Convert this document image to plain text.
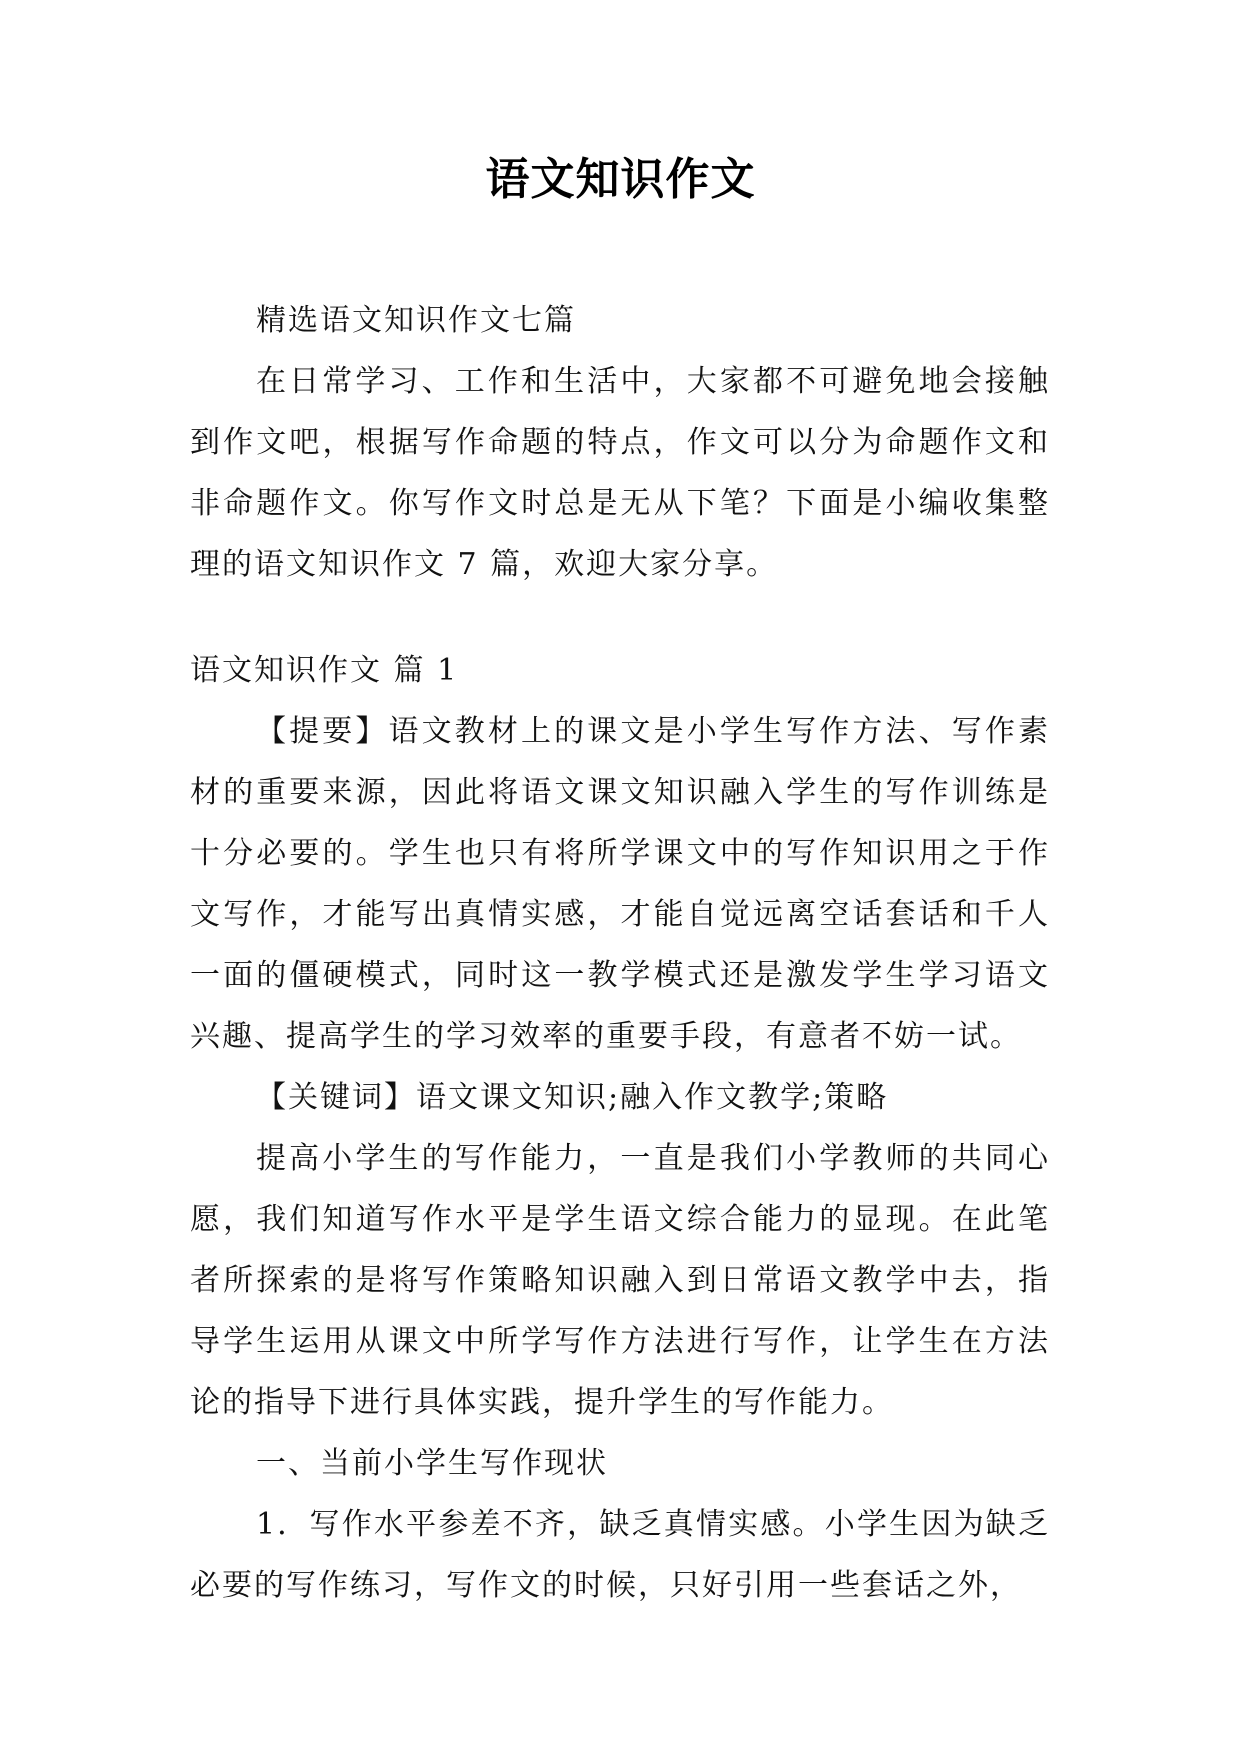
语文知识作文

精选语文知识作文七篇

在日常学习、工作和生活中，大家都不可避免地会接触到作文吧，根据写作命题的特点，作文可以分为命题作文和非命题作文。你写作文时总是无从下笔？下面是小编收集整理的语文知识作文 7 篇，欢迎大家分享。

语文知识作文 篇 1

【提要】语文教材上的课文是小学生写作方法、写作素材的重要来源，因此将语文课文知识融入学生的写作训练是十分必要的。学生也只有将所学课文中的写作知识用之于作文写作，才能写出真情实感，才能自觉远离空话套话和千人一面的僵硬模式，同时这一教学模式还是激发学生学习语文兴趣、提高学生的学习效率的重要手段，有意者不妨一试。

【关键词】语文课文知识;融入作文教学;策略

提高小学生的写作能力，一直是我们小学教师的共同心愿，我们知道写作水平是学生语文综合能力的显现。在此笔者所探索的是将写作策略知识融入到日常语文教学中去，指导学生运用从课文中所学写作方法进行写作，让学生在方法论的指导下进行具体实践，提升学生的写作能力。

一、当前小学生写作现状

1．写作水平参差不齐，缺乏真情实感。小学生因为缺乏必要的写作练习，写作文的时候，只好引用一些套话之外，
